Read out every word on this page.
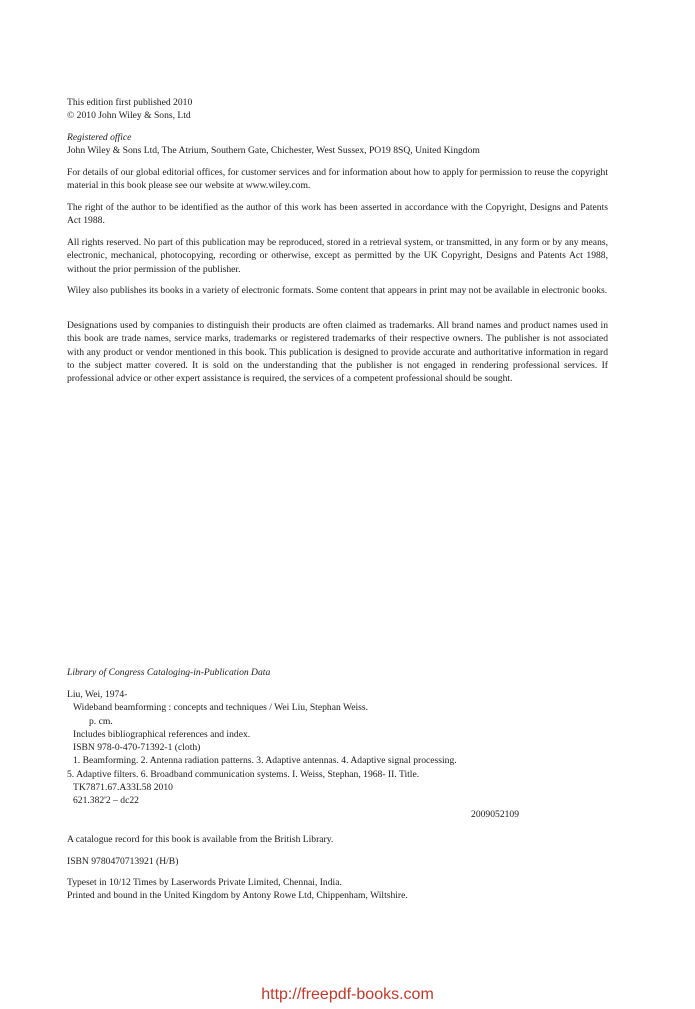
This edition first published 2010

© 2010 John Wiley & Sons, Ltd

Registered office

John Wiley & Sons Ltd, The Atrium, Southern Gate, Chichester, West Sussex, PO19 8SQ, United Kingdom

For details of our global editorial offices, for customer services and for information about how to apply for permission to reuse the copyright material in this book please see our website at www.wiley.com.

The right of the author to be identified as the author of this work has been asserted in accordance with the Copyright, Designs and Patents Act 1988.

All rights reserved. No part of this publication may be reproduced, stored in a retrieval system, or transmitted, in any form or by any means, electronic, mechanical, photocopying, recording or otherwise, except as permitted by the UK Copyright, Designs and Patents Act 1988, without the prior permission of the publisher.

Wiley also publishes its books in a variety of electronic formats. Some content that appears in print may not be available in electronic books.

Designations used by companies to distinguish their products are often claimed as trademarks. All brand names and product names used in this book are trade names, service marks, trademarks or registered trademarks of their respective owners. The publisher is not associated with any product or vendor mentioned in this book. This publication is designed to provide accurate and authoritative information in regard to the subject matter covered. It is sold on the understanding that the publisher is not engaged in rendering professional services. If professional advice or other expert assistance is required, the services of a competent professional should be sought.

Library of Congress Cataloging-in-Publication Data
Liu, Wei, 1974-
Wideband beamforming : concepts and techniques / Wei Liu, Stephan Weiss.
p. cm.
Includes bibliographical references and index.
ISBN 978-0-470-71392-1 (cloth)
1. Beamforming. 2. Antenna radiation patterns. 3. Adaptive antennas. 4. Adaptive signal processing.
5. Adaptive filters. 6. Broadband communication systems. I. Weiss, Stephan, 1968- II. Title.
TK7871.67.A33L58 2010
621.382'2 – dc22
2009052109

A catalogue record for this book is available from the British Library.

ISBN 9780470713921 (H/B)

Typeset in 10/12 Times by Laserwords Private Limited, Chennai, India.

Printed and bound in the United Kingdom by Antony Rowe Ltd, Chippenham, Wiltshire.

http://freepdf-books.com
